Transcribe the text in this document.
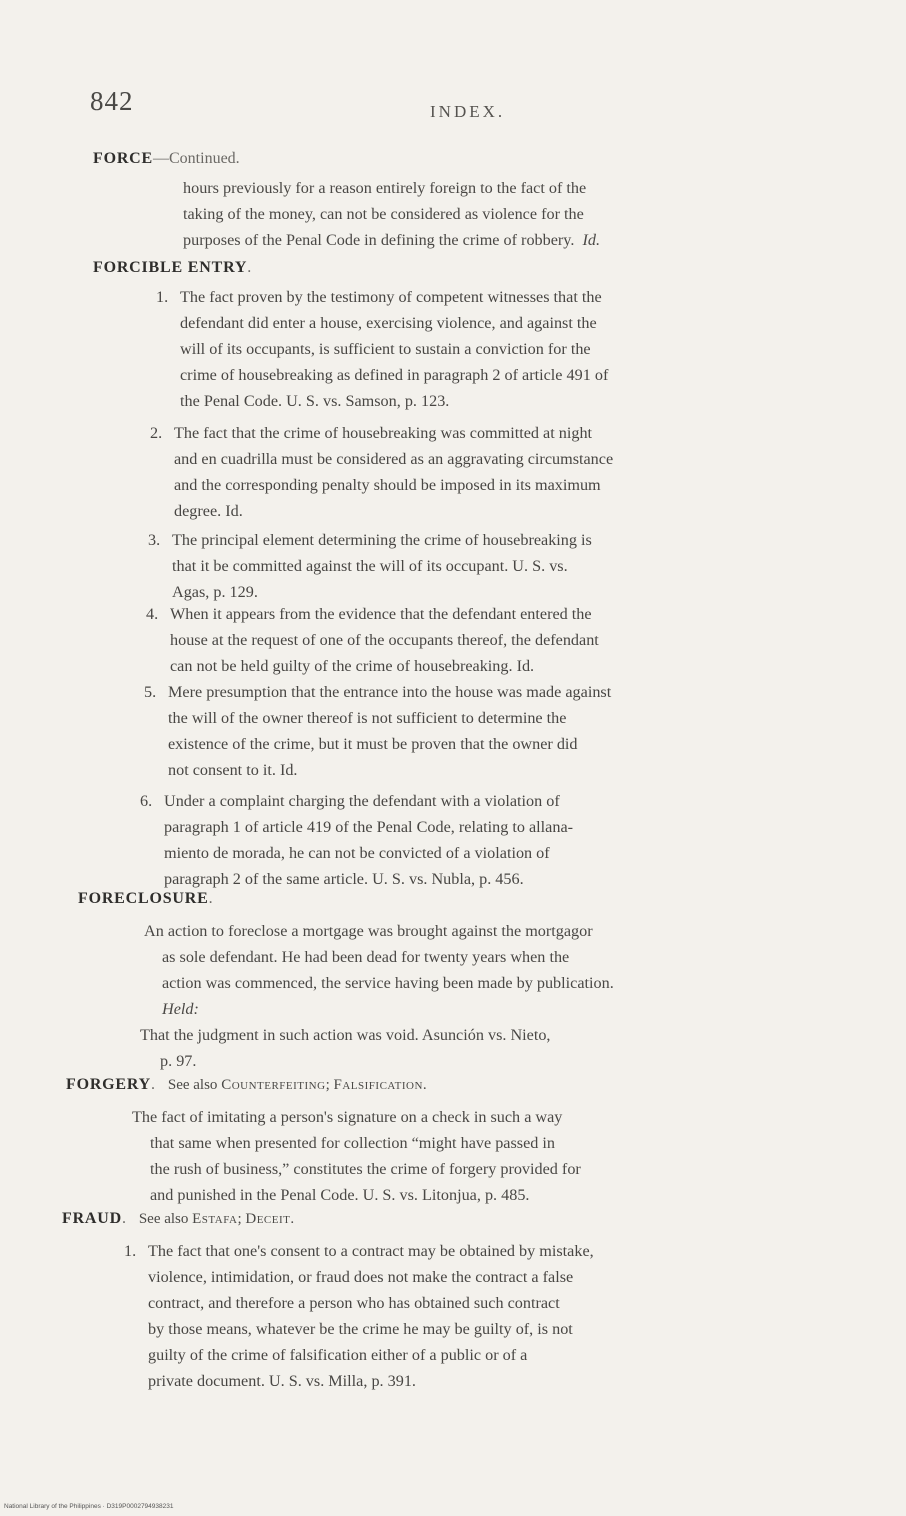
842	INDEX.
FORCE—Continued.
hours previously for a reason entirely foreign to the fact of the
taking of the money, can not be considered as violence for the
purposes of the Penal Code in defining the crime of robbery. Id.
FORCIBLE ENTRY.
1. The fact proven by the testimony of competent witnesses that the
defendant did enter a house, exercising violence, and against the
will of its occupants, is sufficient to sustain a conviction for the
crime of housebreaking as defined in paragraph 2 of article 491 of
the Penal Code. U. S. vs. Samson, p. 123.
2. The fact that the crime of housebreaking was committed at night
and en cuadrilla must be considered as an aggravating circumstance
and the corresponding penalty should be imposed in its maximum
degree. Id.
3. The principal element determining the crime of housebreaking is
that it be committed against the will of its occupant. U. S. vs.
Agas, p. 129.
4. When it appears from the evidence that the defendant entered the
house at the request of one of the occupants thereof, the defendant
can not be held guilty of the crime of housebreaking. Id.
5. Mere presumption that the entrance into the house was made against
the will of the owner thereof is not sufficient to determine the
existence of the crime, but it must be proven that the owner did
not consent to it. Id.
6. Under a complaint charging the defendant with a violation of
paragraph 1 of article 419 of the Penal Code, relating to allana-
miento de morada, he can not be convicted of a violation of
paragraph 2 of the same article. U. S. vs. Nubla, p. 456.
FORECLOSURE.
An action to foreclose a mortgage was brought against the mortgagor
as sole defendant. He had been dead for twenty years when the
action was commenced, the service having been made by publication.
Held:
That the judgment in such action was void. Asunción vs. Nieto,
p. 97.
FORGERY. See also Counterfeiting; Falsification.
The fact of imitating a person's signature on a check in such a way
that same when presented for collection “might have passed in
the rush of business,” constitutes the crime of forgery provided for
and punished in the Penal Code. U. S. vs. Litonjua, p. 485.
FRAUD. See also Estafa; Deceit.
1. The fact that one's consent to a contract may be obtained by mistake,
violence, intimidation, or fraud does not make the contract a false
contract, and therefore a person who has obtained such contract
by those means, whatever be the crime he may be guilty of, is not
guilty of the crime of falsification either of a public or of a
private document. U. S. vs. Milla, p. 391.
National Library of the Philippines · D319P0002794938231
